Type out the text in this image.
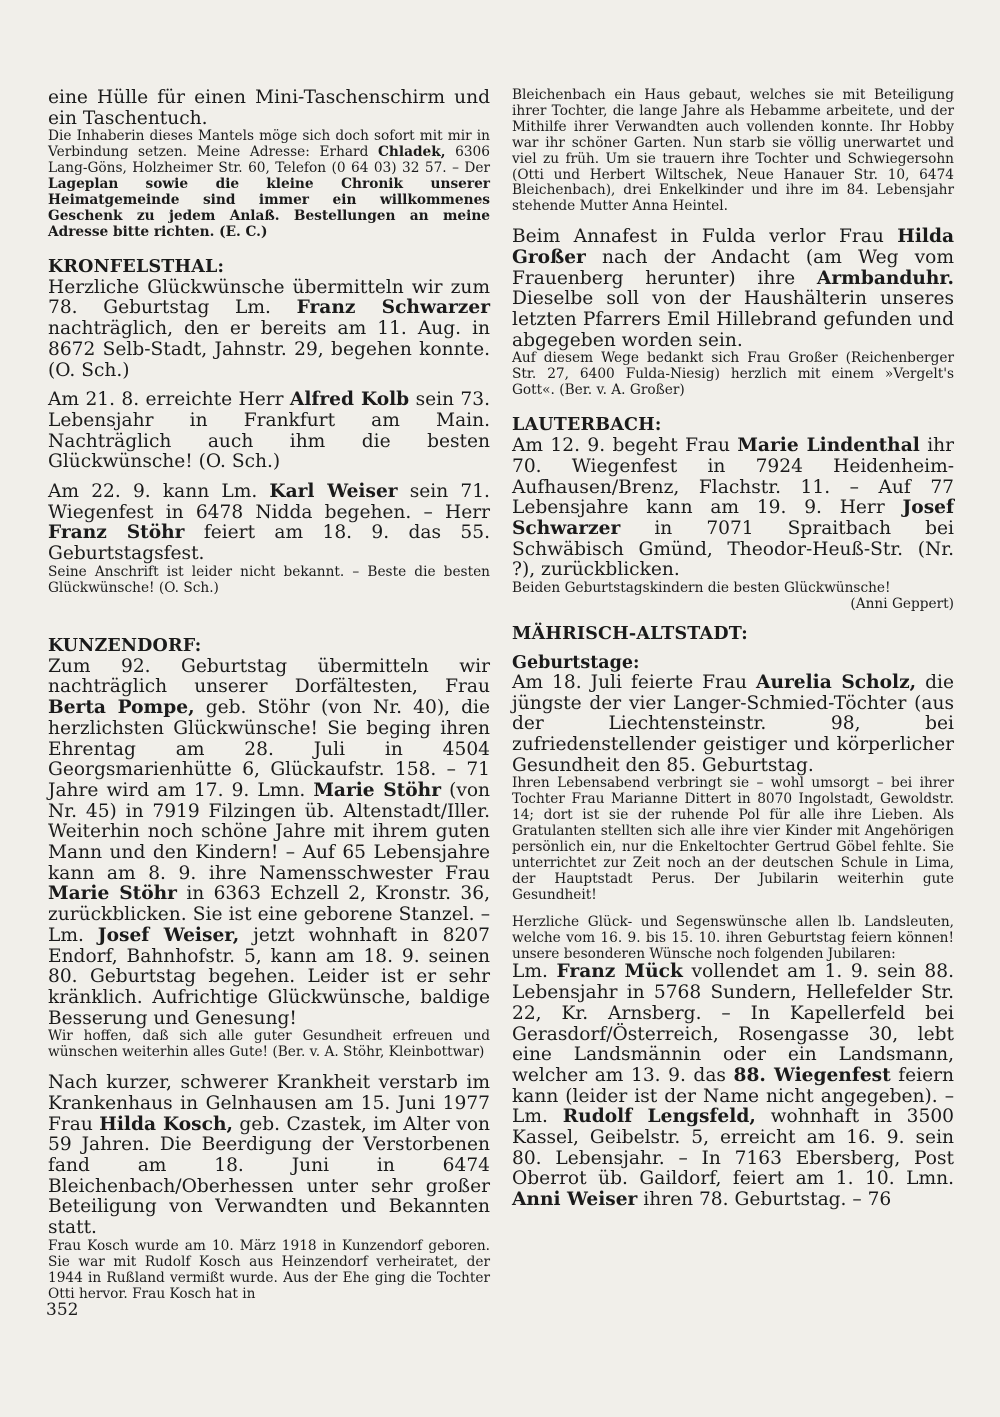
eine Hülle für einen Mini-Taschenschirm und ein Taschentuch.

Die Inhaberin dieses Mantels möge sich doch sofort mit mir in Verbindung setzen. Meine Adresse: Erhard Chladek, 6306 Lang-Göns, Holzheimer Str. 60, Telefon (0 64 03) 32 57. – Der Lageplan sowie die kleine Chronik unserer Heimatgemeinde sind immer ein willkommenes Geschenk zu jedem Anlaß. Bestellungen an meine Adresse bitte richten. (E. C.)

KRONFELSTHAL:

Herzliche Glückwünsche übermitteln wir zum 78. Geburtstag Lm. Franz Schwarzer nachträglich, den er bereits am 11. Aug. in 8672 Selb-Stadt, Jahnstr. 29, begehen konnte. (O. Sch.)

Am 21. 8. erreichte Herr Alfred Kolb sein 73. Lebensjahr in Frankfurt am Main. Nachträglich auch ihm die besten Glückwünsche! (O. Sch.)

Am 22. 9. kann Lm. Karl Weiser sein 71. Wiegenfest in 6478 Nidda begehen. – Herr Franz Stöhr feiert am 18. 9. das 55. Geburtstagsfest.

Seine Anschrift ist leider nicht bekannt. – Beste die besten Glückwünsche! (O. Sch.)

KUNZENDORF:

Zum 92. Geburtstag übermitteln wir nachträglich unserer Dorfältesten, Frau Berta Pompe, geb. Stöhr (von Nr. 40), die herzlichsten Glückwünsche! Sie beging ihren Ehrentag am 28. Juli in 4504 Georgsmarienhütte 6, Glückaufstr. 158. – 71 Jahre wird am 17. 9. Lmn. Marie Stöhr (von Nr. 45) in 7919 Filzingen üb. Altenstadt/Iller. Weiterhin noch schöne Jahre mit ihrem guten Mann und den Kindern! – Auf 65 Lebensjahre kann am 8. 9. ihre Namensschwester Frau Marie Stöhr in 6363 Echzell 2, Kronstr. 36, zurückblicken. Sie ist eine geborene Stanzel. – Lm. Josef Weiser, jetzt wohnhaft in 8207 Endorf, Bahnhofstr. 5, kann am 18. 9. seinen 80. Geburtstag begehen. Leider ist er sehr kränklich. Aufrichtige Glückwünsche, baldige Besserung und Genesung!

Wir hoffen, daß sich alle guter Gesundheit erfreuen und wünschen weiterhin alles Gute! (Ber. v. A. Stöhr, Kleinbottwar)

Nach kurzer, schwerer Krankheit verstarb im Krankenhaus in Gelnhausen am 15. Juni 1977 Frau Hilda Kosch, geb. Czastek, im Alter von 59 Jahren. Die Beerdigung der Verstorbenen fand am 18. Juni in 6474 Bleichenbach/Oberhessen unter sehr großer Beteiligung von Verwandten und Bekannten statt.

Frau Kosch wurde am 10. März 1918 in Kunzendorf geboren. Sie war mit Rudolf Kosch aus Heinzendorf verheiratet, der 1944 in Rußland vermißt wurde. Aus der Ehe ging die Tochter Otti hervor. Frau Kosch hat in

Bleichenbach ein Haus gebaut, welches sie mit Beteiligung ihrer Tochter, die lange Jahre als Hebamme arbeitete, und der Mithilfe ihrer Verwandten auch vollenden konnte. Ihr Hobby war ihr schöner Garten. Nun starb sie völlig unerwartet und viel zu früh. Um sie trauern ihre Tochter und Schwiegersohn (Otti und Herbert Wiltschek, Neue Hanauer Str. 10, 6474 Bleichenbach), drei Enkelkinder und ihre im 84. Lebensjahr stehende Mutter Anna Heintel.

Beim Annafest in Fulda verlor Frau Hilda Großer nach der Andacht (am Weg vom Frauenberg herunter) ihre Armbanduhr. Dieselbe soll von der Haushälterin unseres letzten Pfarrers Emil Hillebrand gefunden und abgegeben worden sein.

Auf diesem Wege bedankt sich Frau Großer (Reichenberger Str. 27, 6400 Fulda-Niesig) herzlich mit einem »Vergelt's Gott«. (Ber. v. A. Großer)

LAUTERBACH:

Am 12. 9. begeht Frau Marie Lindenthal ihr 70. Wiegenfest in 7924 Heidenheim-Aufhausen/Brenz, Flachstr. 11. – Auf 77 Lebensjahre kann am 19. 9. Herr Josef Schwarzer in 7071 Spraitbach bei Schwäbisch Gmünd, Theodor-Heuß-Str. (Nr. ?), zurückblicken.

Beiden Geburtstagskindern die besten Glückwünsche!

(Anni Geppert)

MÄHRISCH-ALTSTADT:
Geburtstage:

Am 18. Juli feierte Frau Aurelia Scholz, die jüngste der vier Langer-Schmied-Töchter (aus der Liechtensteinstr. 98, bei zufriedenstellender geistiger und körperlicher Gesundheit den 85. Geburtstag.

Ihren Lebensabend verbringt sie – wohl umsorgt – bei ihrer Tochter Frau Marianne Dittert in 8070 Ingolstadt, Gewoldstr. 14; dort ist sie der ruhende Pol für alle ihre Lieben. Als Gratulanten stellten sich alle ihre vier Kinder mit Angehörigen persönlich ein, nur die Enkeltochter Gertrud Göbel fehlte. Sie unterrichtet zur Zeit noch an der deutschen Schule in Lima, der Hauptstadt Perus. Der Jubilarin weiterhin gute Gesundheit!

Herzliche Glück- und Segenswünsche allen lb. Landsleuten, welche vom 16. 9. bis 15. 10. ihren Geburtstag feiern können! unsere besonderen Wünsche noch folgenden Jubilaren:

Lm. Franz Mück vollendet am 1. 9. sein 88. Lebensjahr in 5768 Sundern, Hellefelder Str. 22, Kr. Arnsberg. – In Kapellerfeld bei Gerasdorf/Österreich, Rosengasse 30, lebt eine Landsmännin oder ein Landsmann, welcher am 13. 9. das 88. Wiegenfest feiern kann (leider ist der Name nicht angegeben). – Lm. Rudolf Lengsfeld, wohnhaft in 3500 Kassel, Geibelstr. 5, erreicht am 16. 9. sein 80. Lebensjahr. – In 7163 Ebersberg, Post Oberrot üb. Gaildorf, feiert am 1. 10. Lmn. Anni Weiser ihren 78. Geburtstag. – 76

352
